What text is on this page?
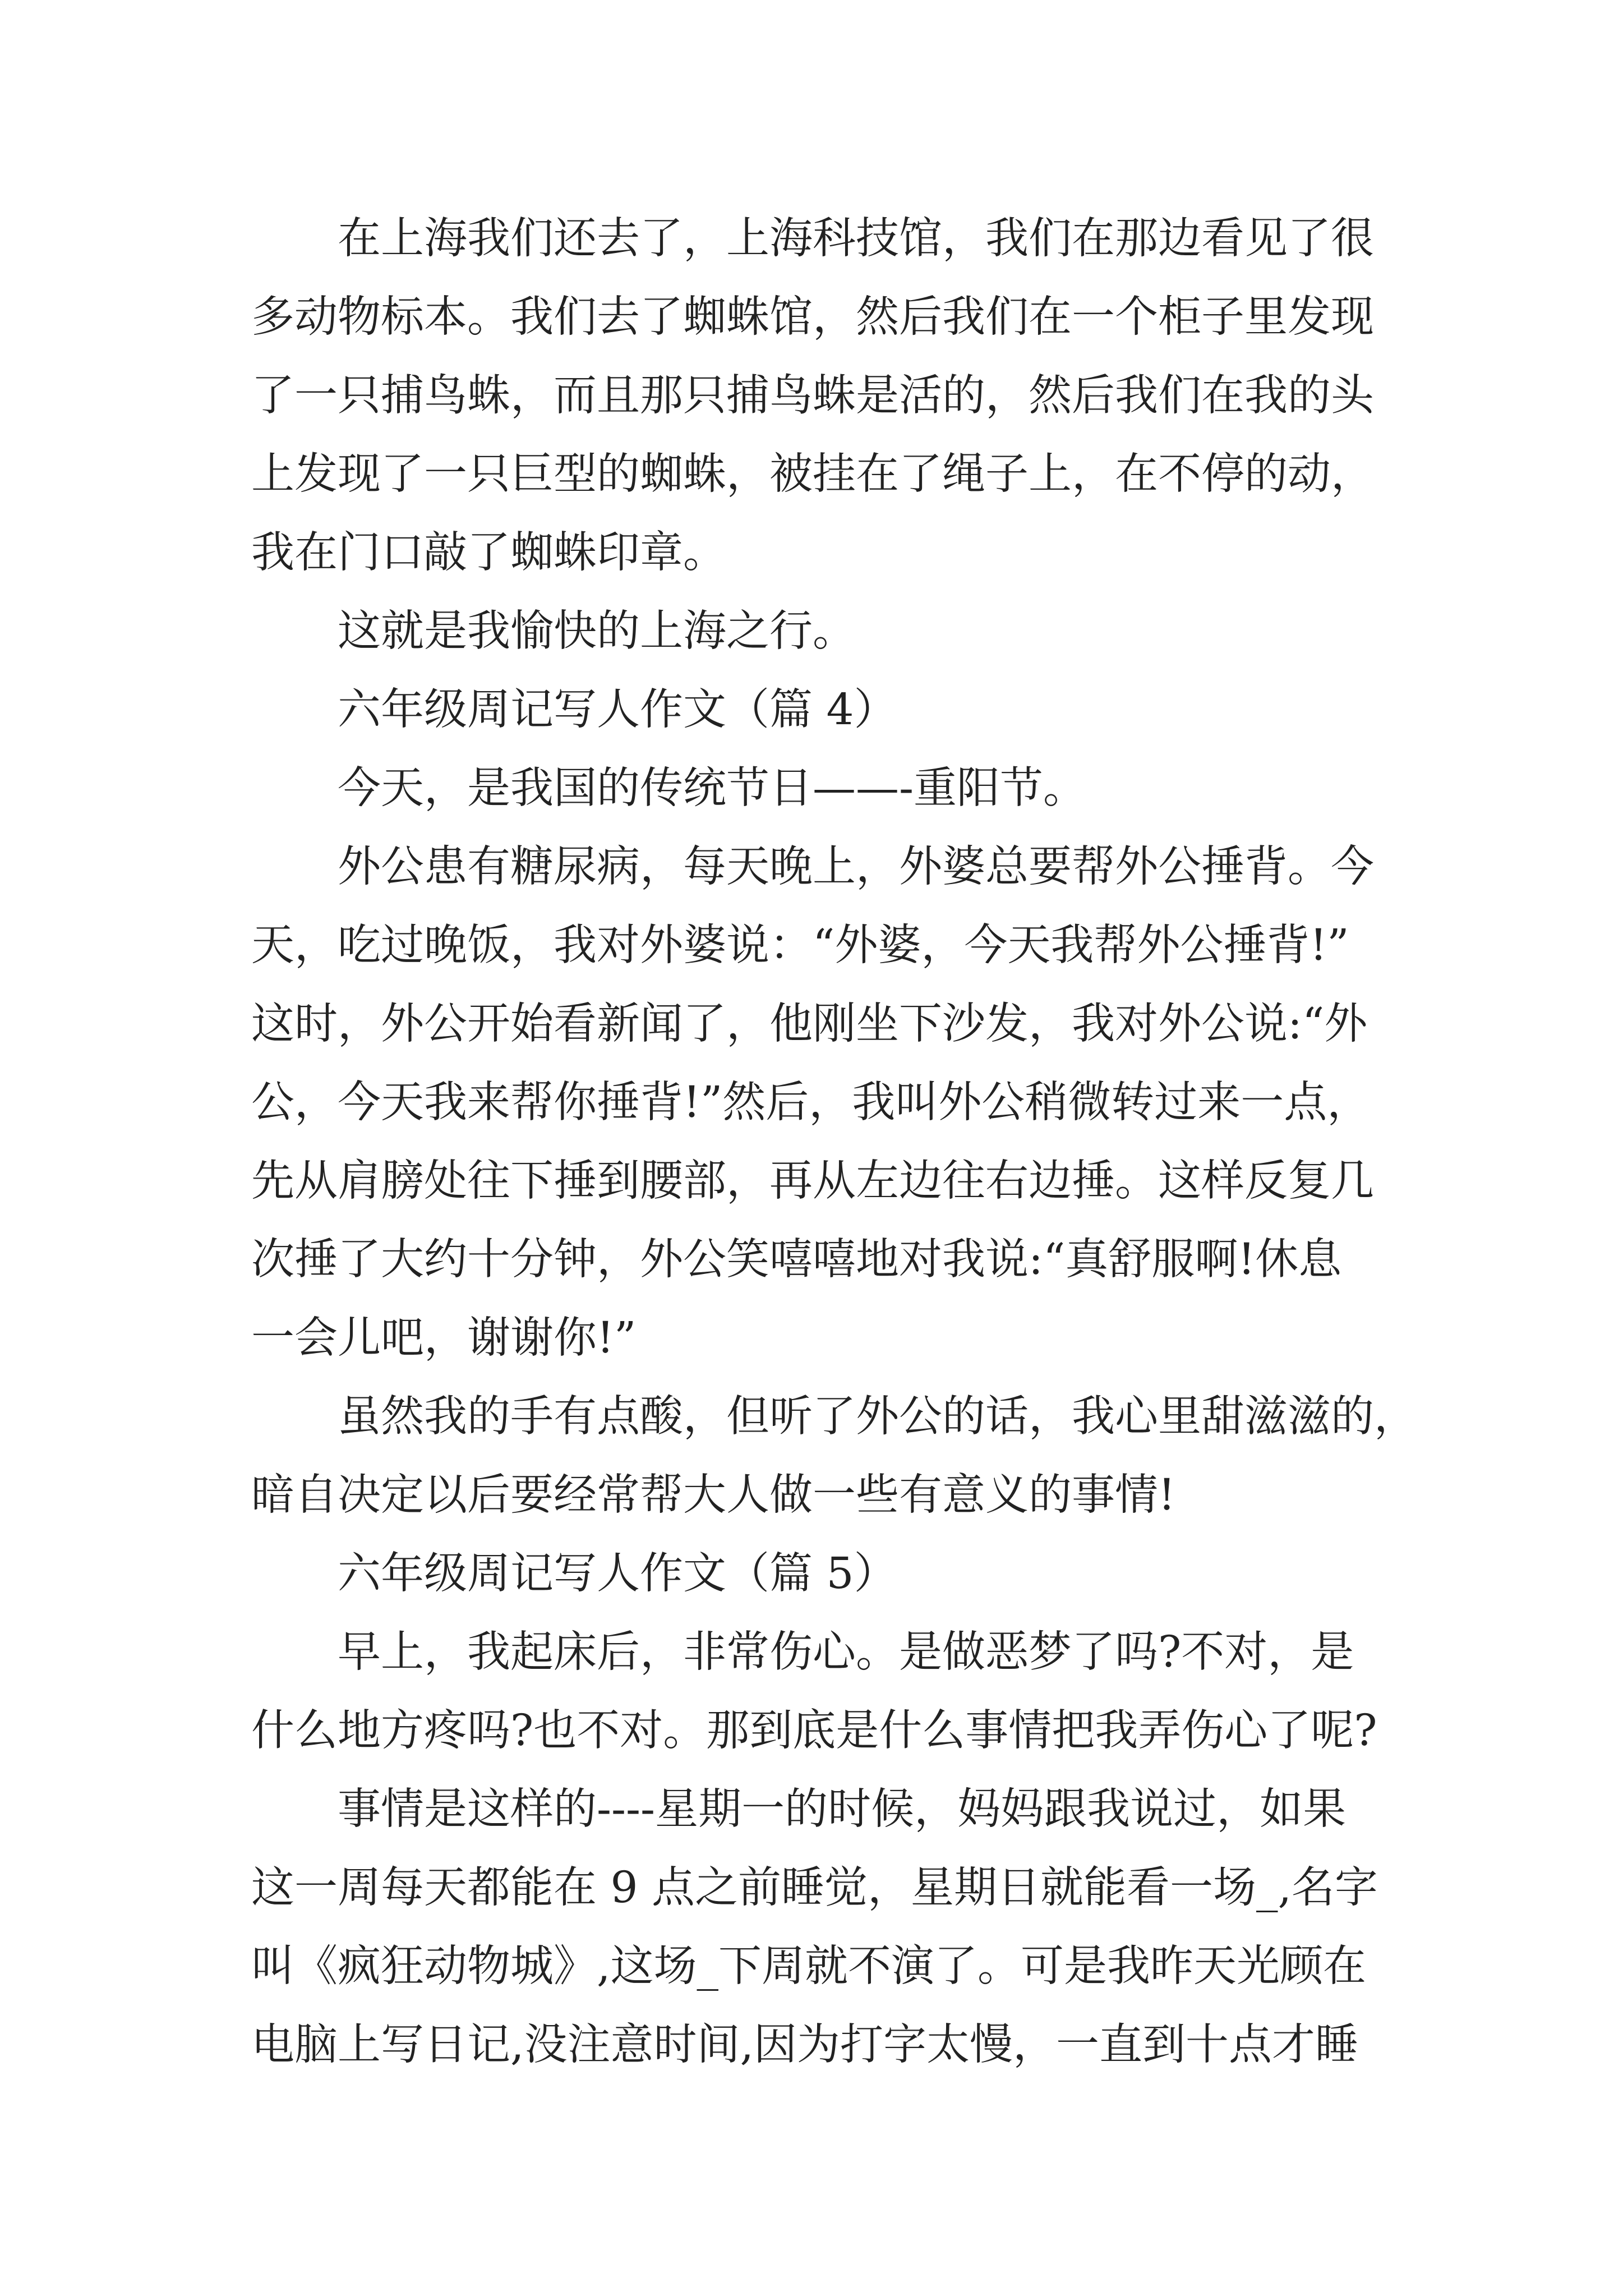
在上海我们还去了，上海科技馆，我们在那边看见了很
多动物标本。我们去了蜘蛛馆，然后我们在一个柜子里发现
了一只捕鸟蛛，而且那只捕鸟蛛是活的，然后我们在我的头
上发现了一只巨型的蜘蛛，被挂在了绳子上，在不停的动，
我在门口敲了蜘蛛印章。
这就是我愉快的上海之行。
六年级周记写人作文（篇 4）
今天，是我国的传统节日——-重阳节。
外公患有糖尿病，每天晚上，外婆总要帮外公捶背。今
天，吃过晚饭，我对外婆说：“外婆，今天我帮外公捶背!”
这时，外公开始看新闻了，他刚坐下沙发，我对外公说:“外
公，今天我来帮你捶背!”然后，我叫外公稍微转过来一点，
先从肩膀处往下捶到腰部，再从左边往右边捶。这样反复几
次捶了大约十分钟，外公笑嘻嘻地对我说:“真舒服啊!休息
一会儿吧，谢谢你!”
虽然我的手有点酸，但听了外公的话，我心里甜滋滋的，
暗自决定以后要经常帮大人做一些有意义的事情!
六年级周记写人作文（篇 5）
早上，我起床后，非常伤心。是做恶梦了吗?不对，是
什么地方疼吗?也不对。那到底是什么事情把我弄伤心了呢?
事情是这样的----星期一的时候，妈妈跟我说过，如果
这一周每天都能在 9 点之前睡觉，星期日就能看一场_,名字
叫《疯狂动物城》,这场_下周就不演了。可是我昨天光顾在
电脑上写日记,没注意时间,因为打字太慢，一直到十点才睡
